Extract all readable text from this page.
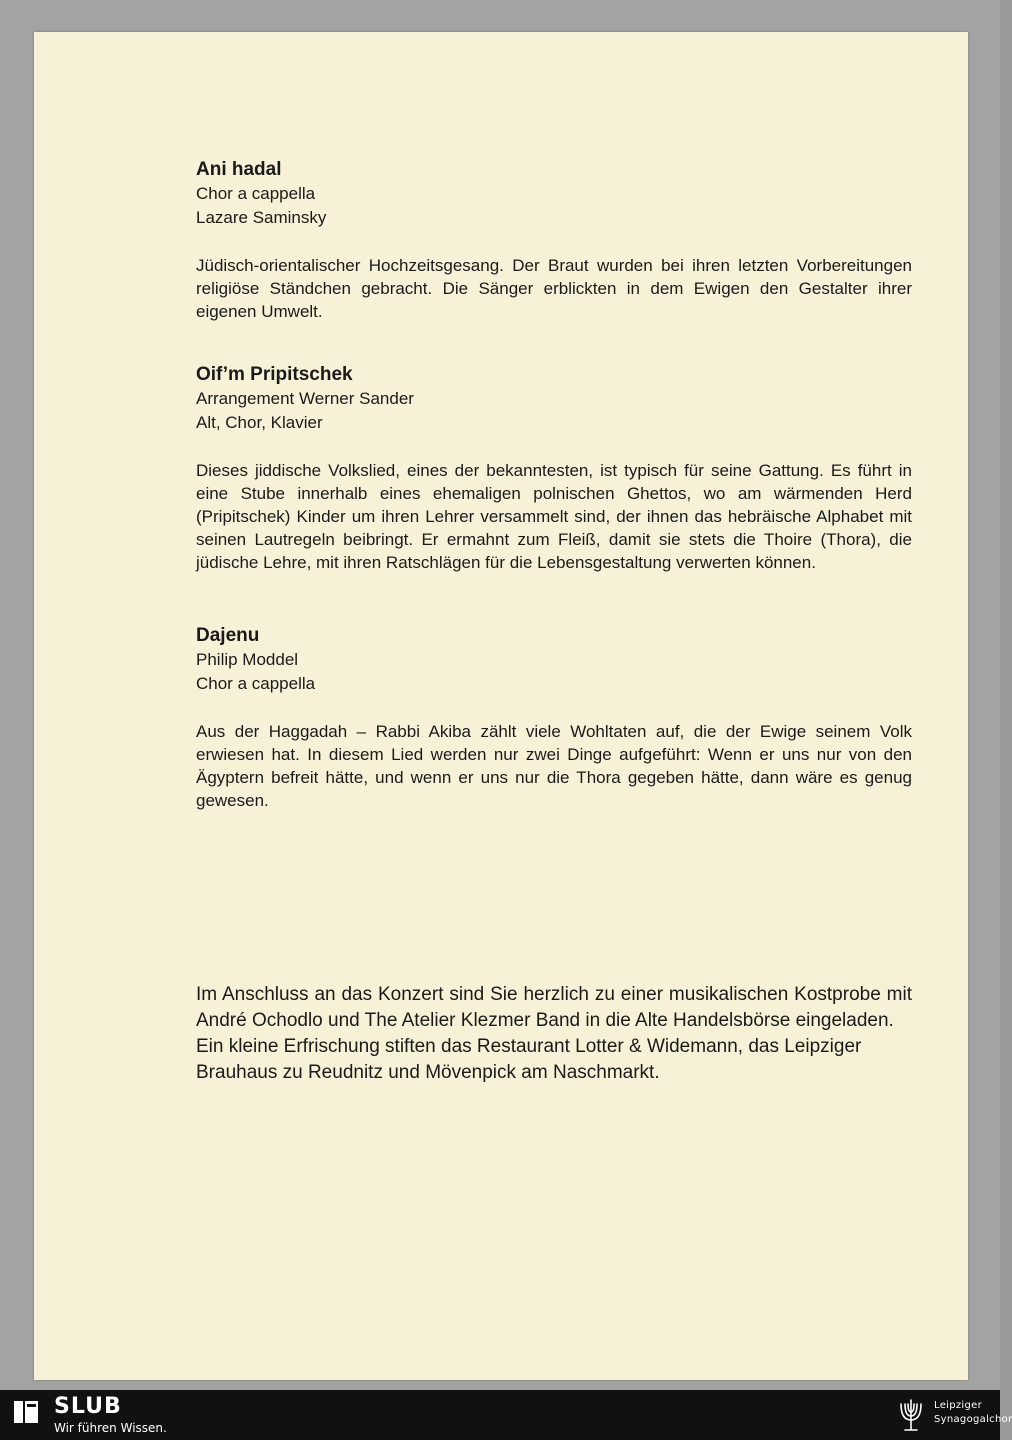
Ani hadal

Chor a cappella

Lazare Saminsky

Jüdisch-orientalischer Hochzeitsgesang. Der Braut wurden bei ihren letzten Vorbereitungen religiöse Ständchen gebracht. Die Sänger erblickten in dem Ewigen den Gestalter ihrer eigenen Umwelt.

Oif’m Pripitschek

Arrangement Werner Sander

Alt, Chor, Klavier

Dieses jiddische Volkslied, eines der bekanntesten, ist typisch für seine Gattung. Es führt in eine Stube innerhalb eines ehemaligen polnischen Ghettos, wo am wärmenden Herd (Pripitschek) Kinder um ihren Lehrer versammelt sind, der ihnen das hebräische Alphabet mit seinen Lautregeln beibringt. Er ermahnt zum Fleiß, damit sie stets die Thoire (Thora), die jüdische Lehre, mit ihren Ratschlägen für die Lebensgestaltung verwerten können.

Dajenu

Philip Moddel

Chor a cappella

Aus der Haggadah – Rabbi Akiba zählt viele Wohltaten auf, die der Ewige seinem Volk erwiesen hat. In diesem Lied werden nur zwei Dinge aufgeführt: Wenn er uns nur von den Ägyptern befreit hätte, und wenn er uns nur die Thora gegeben hätte, dann wäre es genug gewesen.

Im Anschluss an das Konzert sind Sie herzlich zu einer musikalischen Kostprobe mit André Ochodlo und The Atelier Klezmer Band in die Alte Handelsbörse eingeladen.

Ein kleine Erfrischung stiften das Restaurant Lotter & Widemann, das Leipziger Brauhaus zu Reudnitz und Mövenpick am Naschmarkt.

SLUB
Wir führen Wissen.
Leipziger
Synagogalchor
